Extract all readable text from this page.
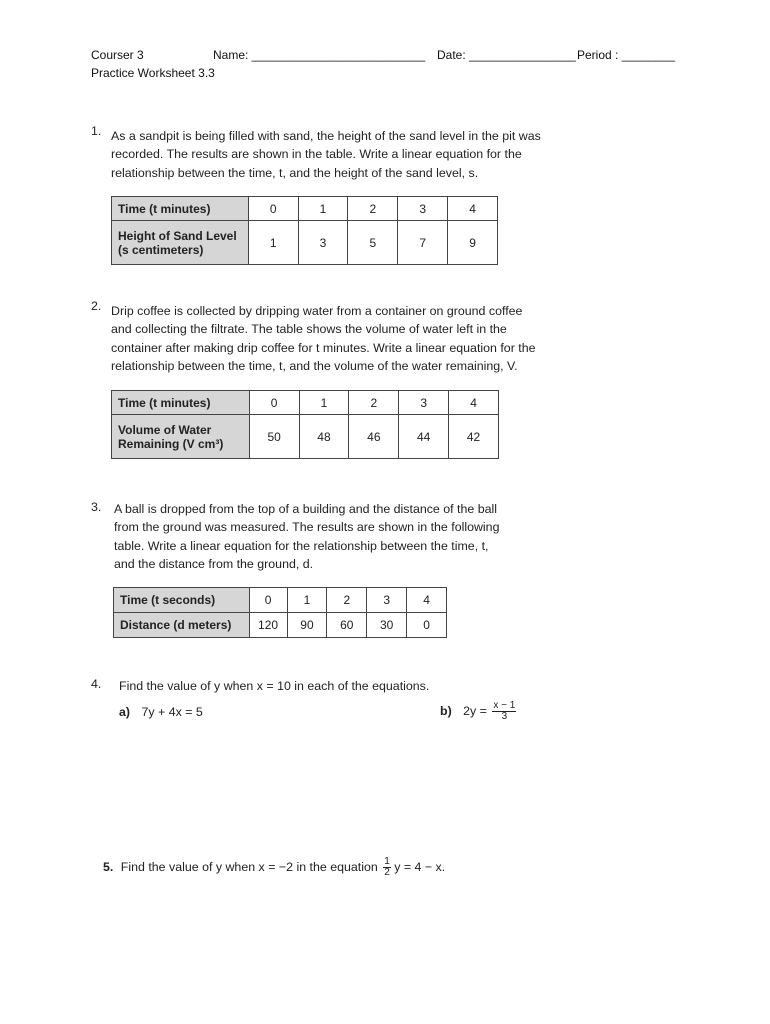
Courser 3	Name: __________________________ Date: ________________ Period : ________
Practice Worksheet 3.3
1. As a sandpit is being filled with sand, the height of the sand level in the pit was
recorded. The results are shown in the table. Write a linear equation for the
relationship between the time, t, and the height of the sand level, s.
Time (t minutes)	0	1	2	3	4

Height of Sand Level
(s centimeters)	1	3	5	7	9
2. Drip coffee is collected by dripping water from a container on ground coffee
and collecting the filtrate. The table shows the volume of water left in the
container after making drip coffee for t minutes. Write a linear equation for the
relationship between the time, t, and the volume of the water remaining, V.
Time (t minutes)	0	1	2	3	4

Volume of Water
Remaining (V cm³)	50	48	46	44	42
3. A ball is dropped from the top of a building and the distance of the ball
from the ground was measured. The results are shown in the following
table. Write a linear equation for the relationship between the time, t,
and the distance from the ground, d.
Time (t seconds)	0	1	2	3	4
Distance (d meters)	120	90	60	30	0
4. Find the value of y when x = 10 in each of the equations.
a) 7y + 4x = 5	b) $2y = \frac{x - 1}{3}$
5. Find the value of y when x = −2 in the equation $\frac{1}{2}$ y = 4 − x.
